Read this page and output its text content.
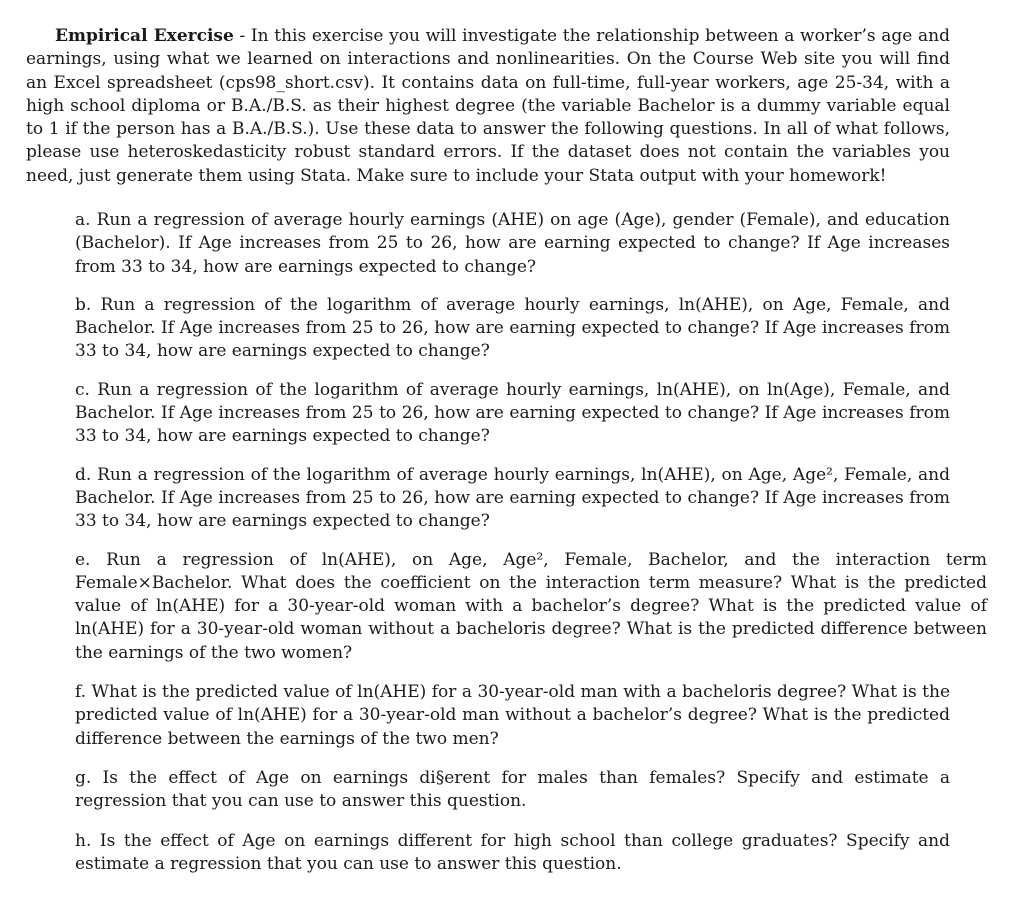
Empirical Exercise - In this exercise you will investigate the relationship between a worker’s age and earnings, using what we learned on interactions and nonlinearities. On the Course Web site you will find an Excel spreadsheet (cps98_short.csv). It contains data on full-time, full-year workers, age 25-34, with a high school diploma or B.A./B.S. as their highest degree (the variable Bachelor is a dummy variable equal to 1 if the person has a B.A./B.S.). Use these data to answer the following questions. In all of what follows, please use heteroskedasticity robust standard errors. If the dataset does not contain the variables you need, just generate them using Stata. Make sure to include your Stata output with your homework!

a. Run a regression of average hourly earnings (AHE) on age (Age), gender (Female), and education (Bachelor). If Age increases from 25 to 26, how are earning expected to change? If Age increases from 33 to 34, how are earnings expected to change?

b. Run a regression of the logarithm of average hourly earnings, ln(AHE), on Age, Female, and Bachelor. If Age increases from 25 to 26, how are earning expected to change? If Age increases from 33 to 34, how are earnings expected to change?

c. Run a regression of the logarithm of average hourly earnings, ln(AHE), on ln(Age), Female, and Bachelor. If Age increases from 25 to 26, how are earning expected to change? If Age increases from 33 to 34, how are earnings expected to change?

d. Run a regression of the logarithm of average hourly earnings, ln(AHE), on Age, Age², Female, and Bachelor. If Age increases from 25 to 26, how are earning expected to change? If Age increases from 33 to 34, how are earnings expected to change?

e. Run a regression of ln(AHE), on Age, Age², Female, Bachelor, and the interaction term Female×Bachelor. What does the coefficient on the interaction term measure? What is the predicted value of ln(AHE) for a 30-year-old woman with a bachelor’s degree? What is the predicted value of ln(AHE) for a 30-year-old woman without a bacheloris degree? What is the predicted difference between the earnings of the two women?

f. What is the predicted value of ln(AHE) for a 30-year-old man with a bacheloris degree? What is the predicted value of ln(AHE) for a 30-year-old man without a bachelor’s degree? What is the predicted difference between the earnings of the two men?

g. Is the effect of Age on earnings di§erent for males than females? Specify and estimate a regression that you can use to answer this question.

h. Is the effect of Age on earnings different for high school than college graduates? Specify and estimate a regression that you can use to answer this question.
